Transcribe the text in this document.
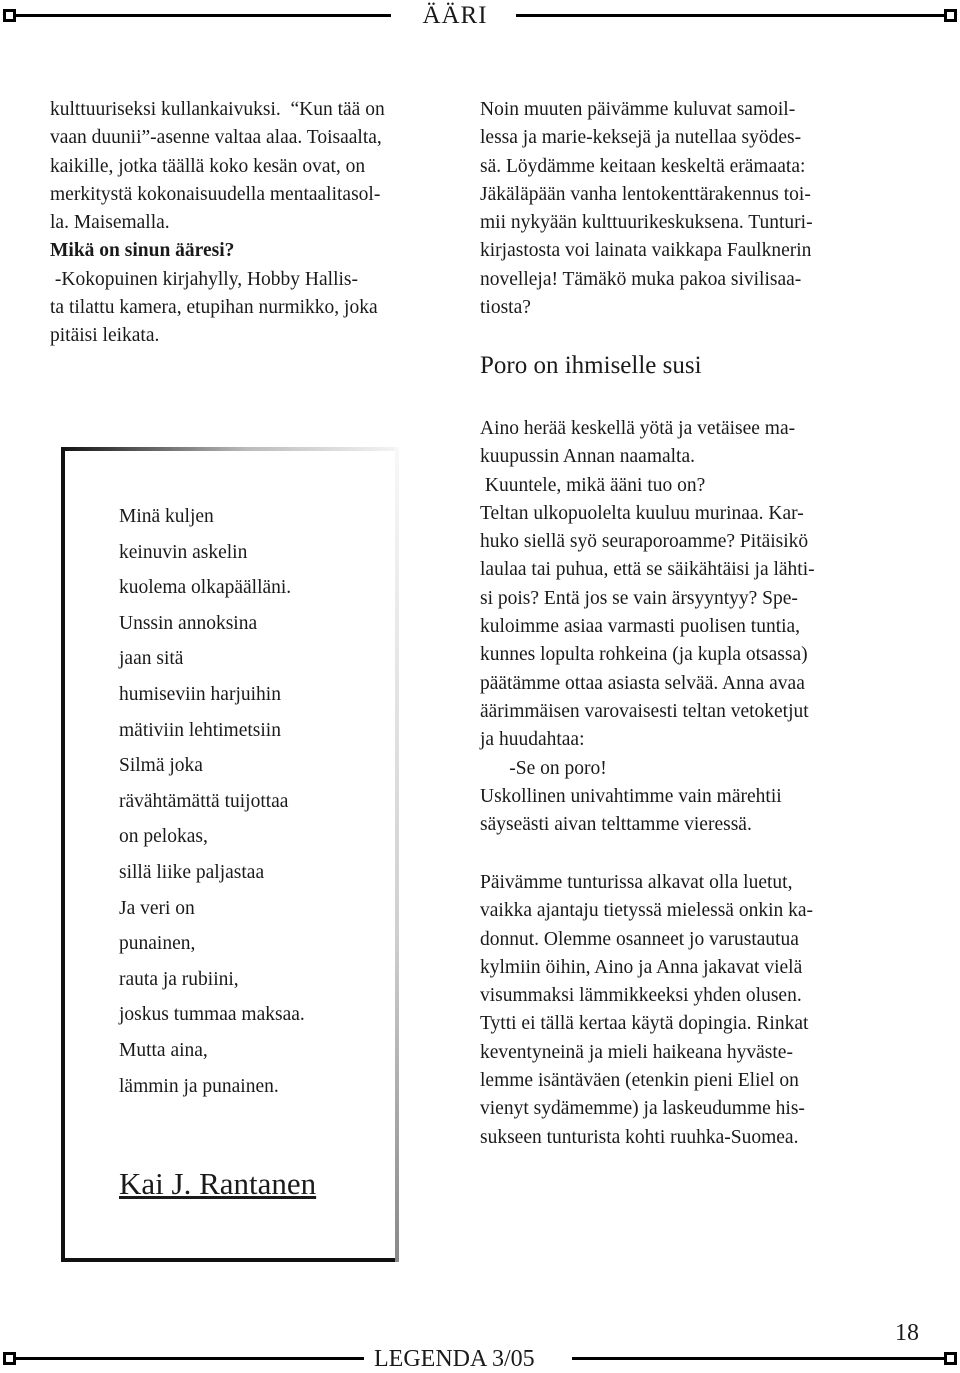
ÄÄRI

kulttuuriseksi kullankaivuksi.  “Kun tää on

vaan duunii”-asenne valtaa alaa. Toisaalta,

kaikille, jotka täällä koko kesän ovat, on

merkitystä kokonaisuudella mentaalitasol-

la. Maisemalla.

Mikä on sinun ääresi?

-Kokopuinen kirjahylly, Hobby Hallis-

ta tilattu kamera, etupihan nurmikko, joka

pitäisi leikata.

Minä kuljen
keinuvin askelin
kuolema olkapäälläni.
Unssin annoksina
jaan sitä
humiseviin harjuihin
mätiviin lehtimetsiin
Silmä joka
rävähtämättä tuijottaa
on pelokas,
sillä liike paljastaa
Ja veri on
punainen,
rauta ja rubiini,
joskus tummaa maksaa.
Mutta aina,
lämmin ja punainen.
Kai J. Rantanen

Noin muuten päivämme kuluvat samoil-

lessa ja marie-keksejä ja nutellaa syödes-

sä. Löydämme keitaan keskeltä erämaata:

Jäkäläpään vanha lentokenttärakennus toi-

mii nykyään kulttuurikeskuksena. Tunturi-

kirjastosta voi lainata vaikkapa Faulknerin

novelleja! Tämäkö muka pakoa sivilisaa-

tiosta?

Poro on ihmiselle susi

Aino herää keskellä yötä ja vetäisee ma-

kuupussin Annan naamalta.

Kuuntele, mikä ääni tuo on?

Teltan ulkopuolelta kuuluu murinaa. Kar-

huko siellä syö seuraporoamme? Pitäisikö

laulaa tai puhua, että se säikähtäisi ja lähti-

si pois? Entä jos se vain ärsyyntyy? Spe-

kuloimme asiaa varmasti puolisen tuntia,

kunnes lopulta rohkeina (ja kupla otsassa)

päätämme ottaa asiasta selvää. Anna avaa

äärimmäisen varovaisesti teltan vetoketjut

ja huudahtaa:

-Se on poro!

Uskollinen univahtimme vain märehtii

säyseästi aivan telttamme vieressä.

Päivämme tunturissa alkavat olla luetut,

vaikka ajantaju tietyssä mielessä onkin ka-

donnut. Olemme osanneet jo varustautua

kylmiin öihin, Aino ja Anna jakavat vielä

visummaksi lämmikkeeksi yhden olusen.

Tytti ei tällä kertaa käytä dopingia. Rinkat

keventyneinä ja mieli haikeana hyväste-

lemme isäntäväen (etenkin pieni Eliel on

vienyt sydämemme) ja laskeudumme his-

sukseen tunturista kohti ruuhka-Suomea.

18
LEGENDA 3/05
